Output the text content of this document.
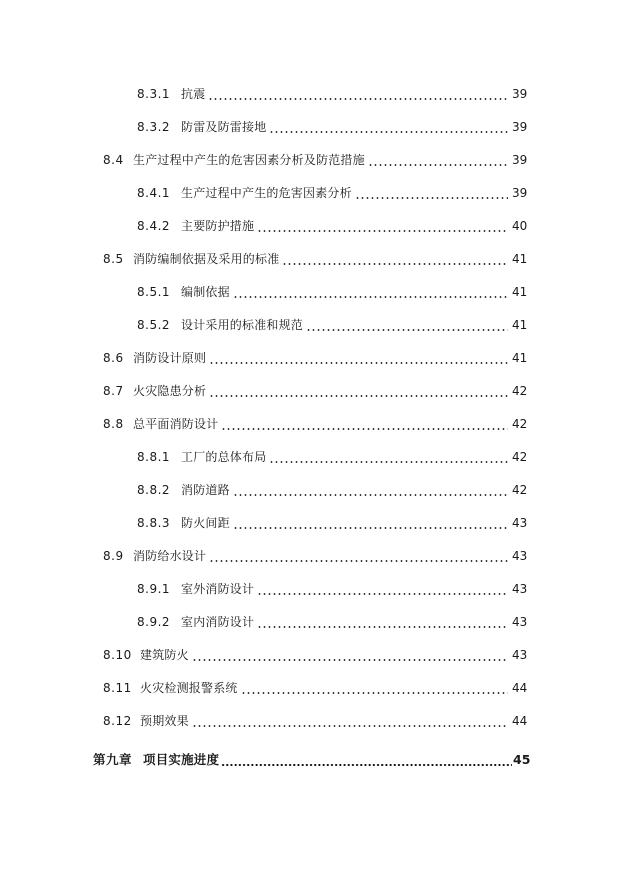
8.3.1 抗震	39
8.3.2 防雷及防雷接地	39
8.4 生产过程中产生的危害因素分析及防范措施	39
8.4.1 生产过程中产生的危害因素分析	39
8.4.2 主要防护措施	40
8.5 消防编制依据及采用的标准	41
8.5.1 编制依据	41
8.5.2 设计采用的标准和规范	41
8.6 消防设计原则	41
8.7 火灾隐患分析	42
8.8 总平面消防设计	42
8.8.1 工厂的总体布局	42
8.8.2 消防道路	42
8.8.3 防火间距	43
8.9 消防给水设计	43
8.9.1 室外消防设计	43
8.9.2 室内消防设计	43
8.10 建筑防火	43
8.11 火灾检测报警系统	44
8.12 预期效果	44
第九章 项目实施进度	45
